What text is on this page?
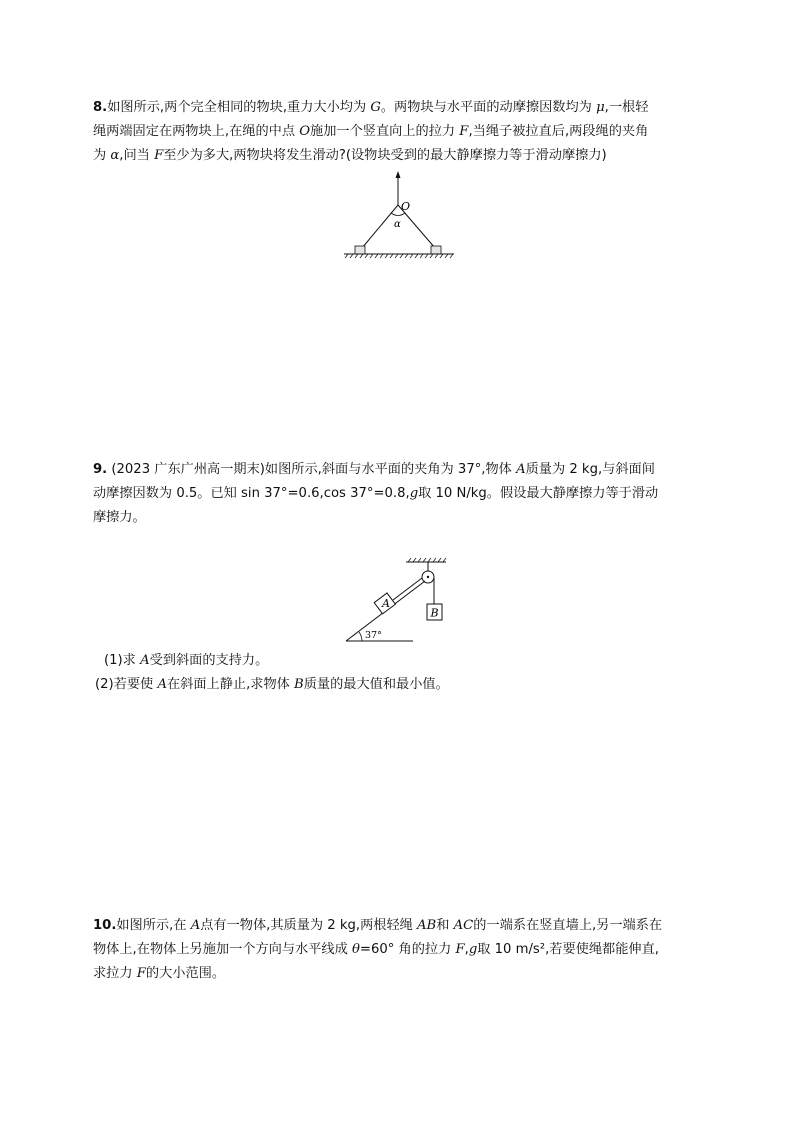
8.如图所示,两个完全相同的物块,重力大小均为 G。两物块与水平面的动摩擦因数均为 μ,一根轻
绳两端固定在两物块上,在绳的中点 O施加一个竖直向上的拉力 F,当绳子被拉直后,两段绳的夹角
为 α,问当 F至少为多大,两物块将发生滑动?(设物块受到的最大静摩擦力等于滑动摩擦力)
O
α
9. (2023 广东广州高一期末)如图所示,斜面与水平面的夹角为 37°,物体 A质量为 2 kg,与斜面间
动摩擦因数为 0.5。已知 sin 37°=0.6,cos 37°=0.8,g取 10 N/kg。假设最大静摩擦力等于滑动
摩擦力。
37°
A
B
(1)求 A受到斜面的支持力。
(2)若要使 A在斜面上静止,求物体 B质量的最大值和最小值。
10.如图所示,在 A点有一物体,其质量为 2 kg,两根轻绳 AB和 AC的一端系在竖直墙上,另一端系在
物体上,在物体上另施加一个方向与水平线成 θ=60° 角的拉力 F,g取 10 m/s²,若要使绳都能伸直,
求拉力 F的大小范围。
